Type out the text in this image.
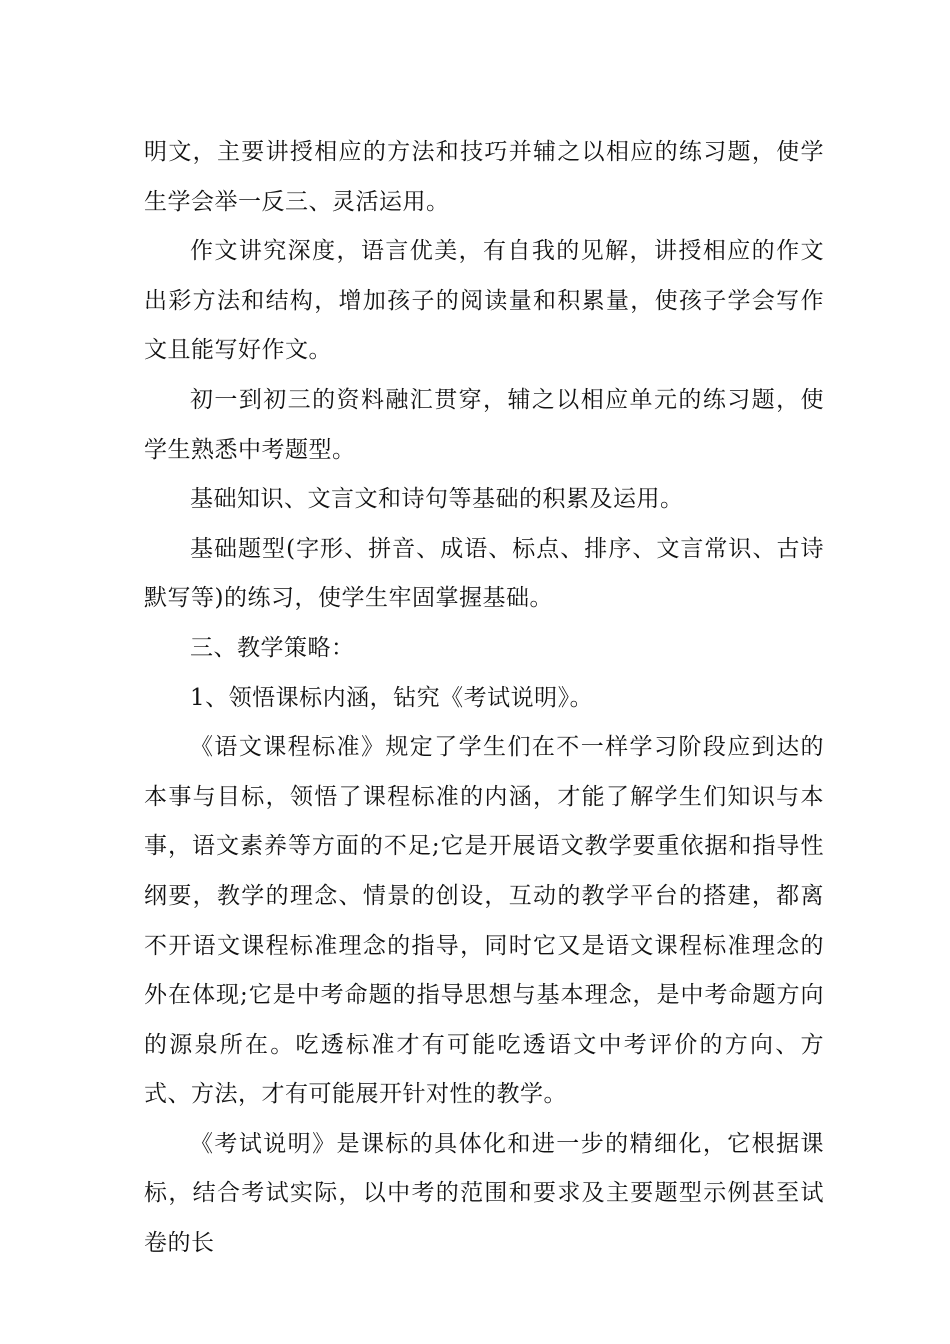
明文，主要讲授相应的方法和技巧并辅之以相应的练习题，使学生学会举一反三、灵活运用。

作文讲究深度，语言优美，有自我的见解，讲授相应的作文出彩方法和结构，增加孩子的阅读量和积累量，使孩子学会写作文且能写好作文。

初一到初三的资料融汇贯穿，辅之以相应单元的练习题，使学生熟悉中考题型。

基础知识、文言文和诗句等基础的积累及运用。

基础题型(字形、拼音、成语、标点、排序、文言常识、古诗默写等)的练习，使学生牢固掌握基础。

三、教学策略：

1、领悟课标内涵，钻究《考试说明》。

《语文课程标准》规定了学生们在不一样学习阶段应到达的本事与目标，领悟了课程标准的内涵，才能了解学生们知识与本事，语文素养等方面的不足;它是开展语文教学要重依据和指导性纲要，教学的理念、情景的创设，互动的教学平台的搭建，都离不开语文课程标准理念的指导，同时它又是语文课程标准理念的外在体现;它是中考命题的指导思想与基本理念，是中考命题方向的源泉所在。吃透标准才有可能吃透语文中考评价的方向、方式、方法，才有可能展开针对性的教学。

《考试说明》是课标的具体化和进一步的精细化，它根据课标，结合考试实际，以中考的范围和要求及主要题型示例甚至试卷的长
